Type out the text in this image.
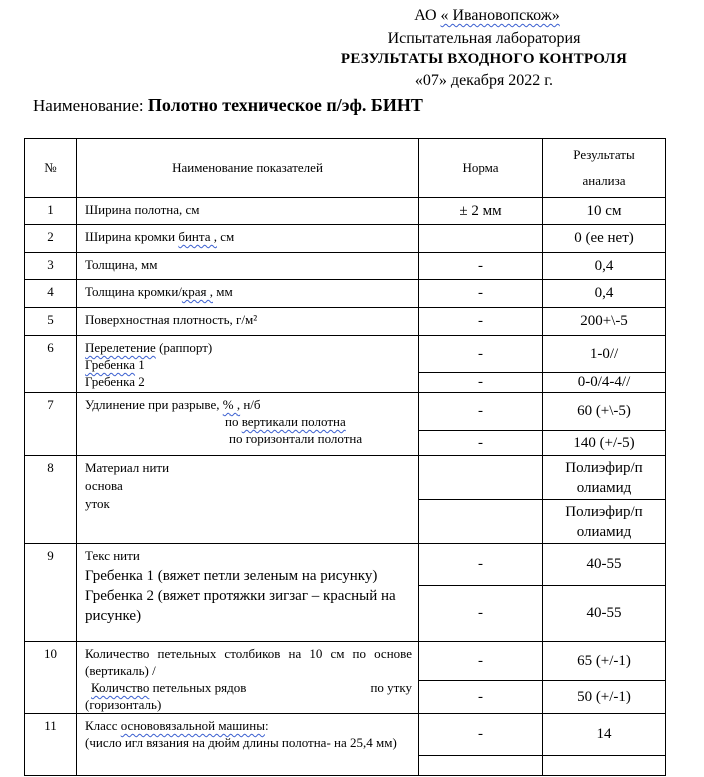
АО « Ивановопскож»
Испытательная лаборатория
РЕЗУЛЬТАТЫ ВХОДНОГО КОНТРОЛЯ
«07» декабря 2022 г.
Наименование: Полотно техническое п/эф. БИНТ
№	Наименование показателей	Норма	Результаты
анализа
1	Ширина полотна, см	± 2 мм	10 см
2	Ширина кромки бинта , см		0 (ее нет)
3	Толщина, мм	-	0,4
4	Толщина кромки/края , мм	-	0,4
5	Поверхностная плотность, г/м²	-	200+\-5
6	Перелетение (раппорт)
Гребенка 1
Гребенка 2	-	1-0//
		-	0-0/4-4//
7	Удлинение при разрыве, % , н/б
по вертикали полотна
по горизонтали полотна	-	60 (+\-5)
		-	140 (+/-5)
8	Материал нити
основа
уток		Полиэфир/п
олиамид
			Полиэфир/п
олиамид
9	Текс нити
Гребенка 1 (вяжет петли зеленым на рисунку)
Гребенка 2 (вяжет протяжки зигзаг – красный на рисунке)	-	40-55
		-	40-55
10	Количество петельных столбиков на 10 см по основе (вертикаль) /
Количство петельных рядов по утку
(горизонталь)	-	65 (+/-1)
		-	50 (+/-1)
11	Класс основовязальной машины:
(число игл вязания на дюйм длины полотна- на 25,4 мм)	-	14
